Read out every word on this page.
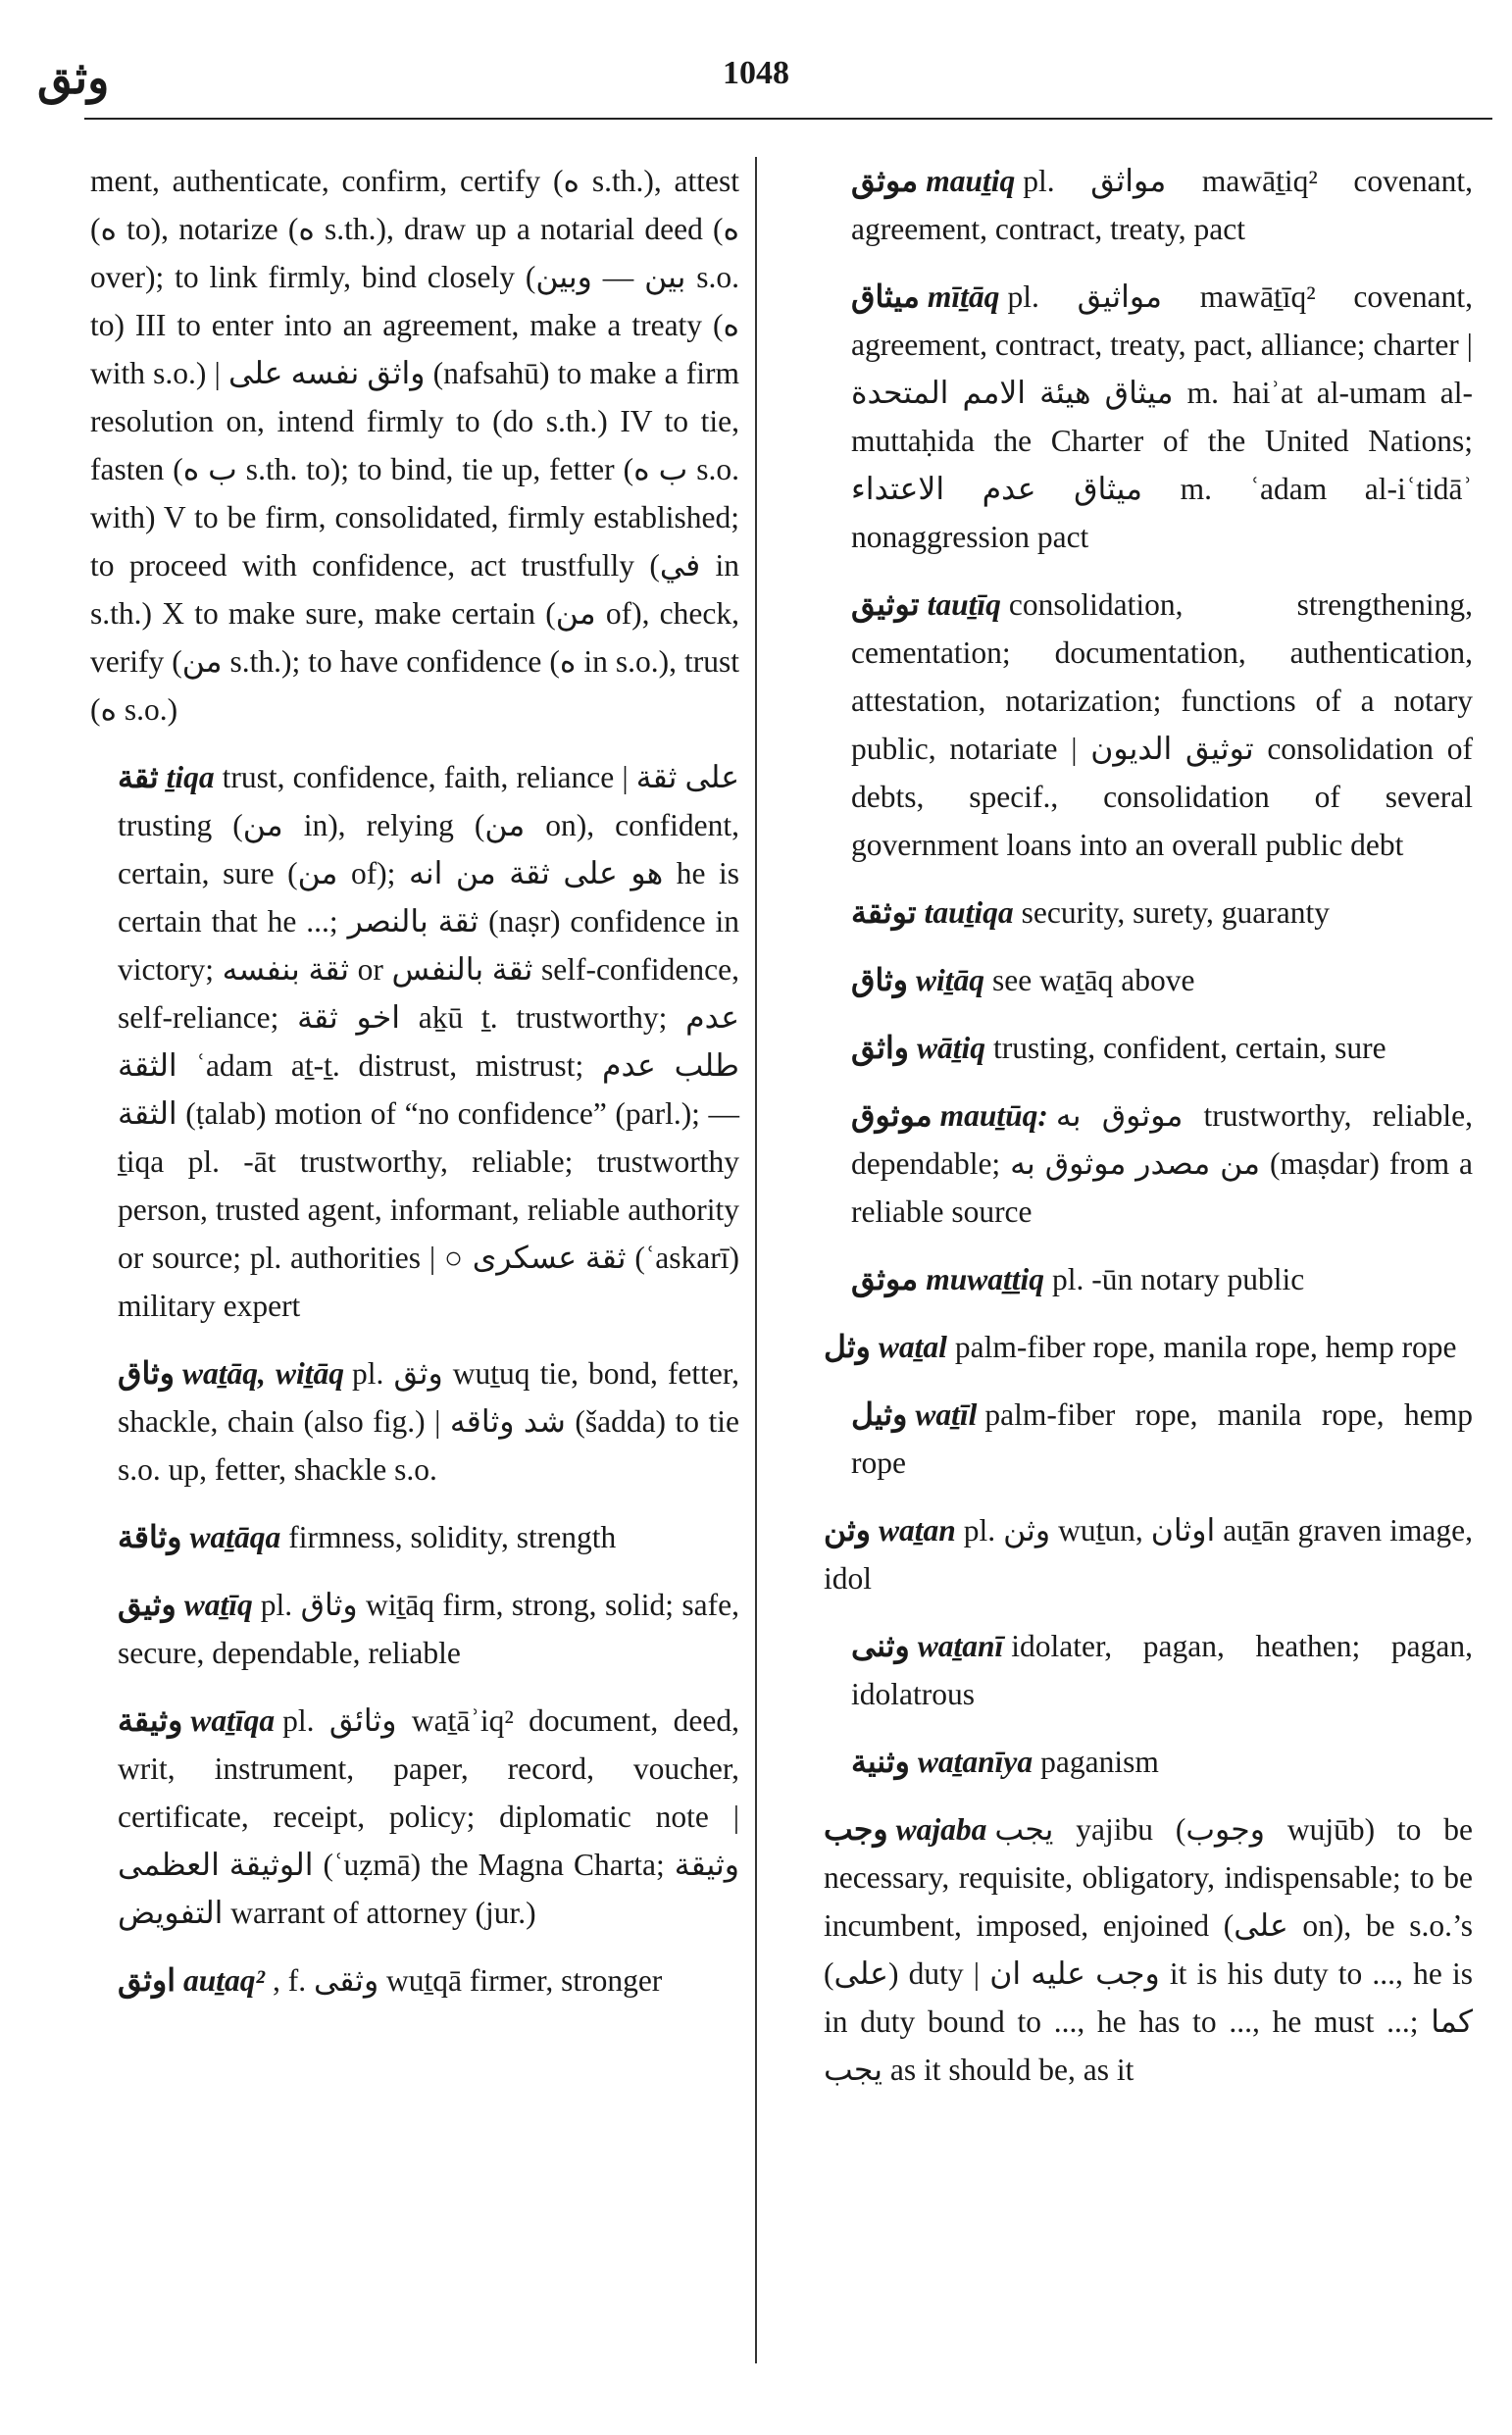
وثق	1048
ment, authenticate, confirm, certify (ه s.th.), attest (ه to), notarize (ه s.th.), draw up a notarial deed (ه over); to link firmly, bind closely (بين — وبين s.o. to) III to enter into an agreement, make a treaty (ه with s.o.) | واثق نفسه على (nafsahū) to make a firm resolution on, intend firmly to (do s.th.) IV to tie, fasten (ب ه s.th. to); to bind, tie up, fetter (ب ه s.o. with) V to be firm, consolidated, firmly established; to proceed with confidence, act trustfully (في in s.th.) X to make sure, make certain (من of), check, verify (من s.th.); to have confidence (ه in s.o.), trust (ه s.o.)
ثقة ṯiqa trust, confidence, faith, reliance | على ثقة trusting (من in), relying (من on), confident, certain, sure (من of); هو على ثقة من انه he is certain that he ...; ثقة بالنصر (naṣr) confidence in victory; ثقة بنفسه or ثقة بالنفس self-confidence, self-reliance; اخو ثقة aḵū ṯ. trustworthy; عدم الثقة ʿadam aṯ-ṯ. distrust, mistrust; طلب عدم الثقة (ṭalab) motion of “no confidence” (parl.); — ṯiqa pl. -āt trustworthy, reliable; trustworthy person, trusted agent, informant, reliable authority or source; pl. authorities | ○ ثقة عسكرى (ʿaskarī) military expert
وثاق waṯāq, wiṯāq pl. وثق wuṯuq tie, bond, fetter, shackle, chain (also fig.) | شد وثاقه (šadda) to tie s.o. up, fetter, shackle s.o.
وثاقة waṯāqa firmness, solidity, strength
وثيق waṯīq pl. وثاق wiṯāq firm, strong, solid; safe, secure, dependable, reliable
وثيقة waṯīqa pl. وثائق waṯāʾiq² document, deed, writ, instrument, paper, record, voucher, certificate, receipt, policy; diplomatic note | الوثيقة العظمى (ʿuẓmā) the Magna Charta; وثيقة التفويض warrant of attorney (jur.)
اوثق auṯaq² , f. وثقى wuṯqā firmer, stronger
موثق mauṯiq pl. مواثق mawāṯiq² covenant, agreement, contract, treaty, pact
ميثاق mīṯāq pl. مواثيق mawāṯīq² covenant, agreement, contract, treaty, pact, alliance; charter | ميثاق هيئة الامم المتحدة m. haiʾat al-umam al-muttaḥida the Charter of the United Nations; ميثاق عدم الاعتداء m. ʿadam al-iʿtidāʾ nonaggression pact
توثيق tauṯīq consolidation, strengthening, cementation; documentation, authentication, attestation, notarization; functions of a notary public, notariate | توثيق الديون consolidation of debts, specif., consolidation of several government loans into an overall public debt
توثقة tauṯiqa security, surety, guaranty
وثاق wiṯāq see waṯāq above
واثق wāṯiq trusting, confident, certain, sure
موثوق mauṯūq: موثوق به trustworthy, reliable, dependable; من مصدر موثوق به (maṣdar) from a reliable source
موثق muwaṯṯiq pl. -ūn notary public
وثل waṯal palm-fiber rope, manila rope, hemp rope
وثيل waṯīl palm-fiber rope, manila rope, hemp rope
وثن waṯan pl. وثن wuṯun, اوثان auṯān graven image, idol
وثنى waṯanī idolater, pagan, heathen; pagan, idolatrous
وثنية waṯanīya paganism
وجب wajaba يجب yajibu (وجوب wujūb) to be necessary, requisite, obligatory, indispensable; to be incumbent, imposed, enjoined (على on), be s.o.’s (على) duty | وجب عليه ان it is his duty to ..., he is in duty bound to ..., he has to ..., he must ...; كما يجب as it should be, as it
